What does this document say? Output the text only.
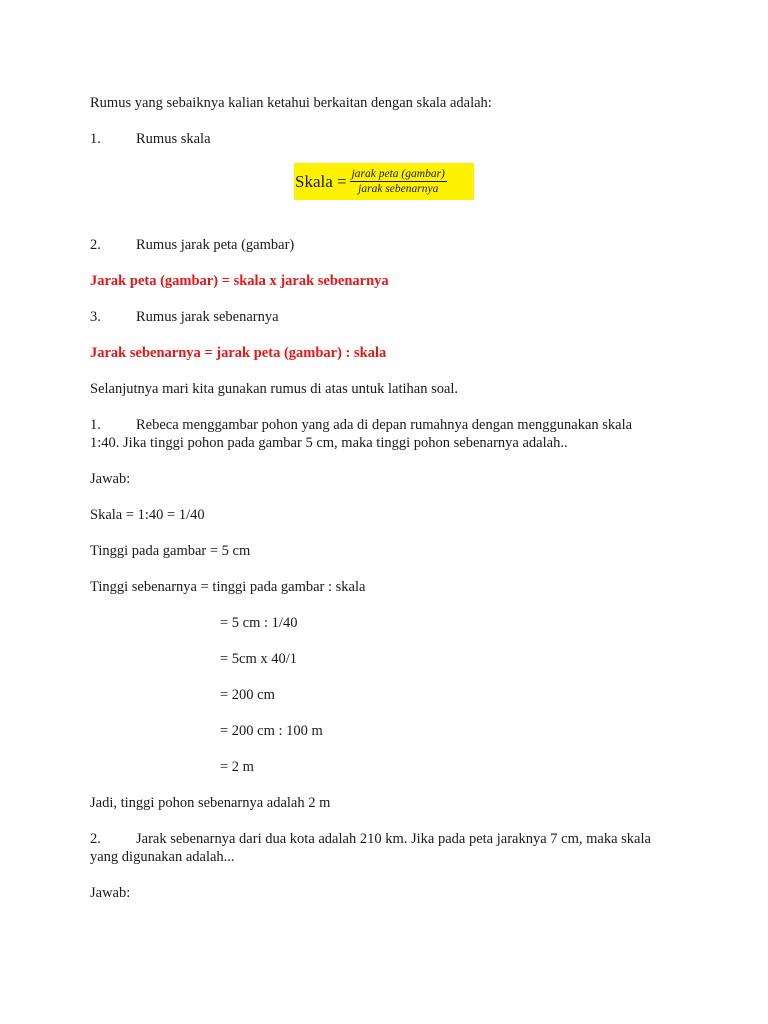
Rumus yang sebaiknya kalian ketahui berkaitan dengan skala adalah:
1. Rumus skala
Skala = $\frac{\text{jarak peta (gambar)}}{\text{jarak sebenarnya}}$
2. Rumus jarak peta (gambar)
Jarak peta (gambar) = skala x jarak sebenarnya
3. Rumus jarak sebenarnya
Jarak sebenarnya = jarak peta (gambar) : skala
Selanjutnya mari kita gunakan rumus di atas untuk latihan soal.
1. Rebeca menggambar pohon yang ada di depan rumahnya dengan menggunakan skala
1:40. Jika tinggi pohon pada gambar 5 cm, maka tinggi pohon sebenarnya adalah..
Jawab:
Skala = 1:40 = 1/40
Tinggi pada gambar = 5 cm
Tinggi sebenarnya = tinggi pada gambar : skala
= 5 cm : 1/40
= 5cm x 40/1
= 200 cm
= 200 cm : 100 m
= 2 m
Jadi, tinggi pohon sebenarnya adalah 2 m
2. Jarak sebenarnya dari dua kota adalah 210 km. Jika pada peta jaraknya 7 cm, maka skala
yang digunakan adalah...
Jawab:
